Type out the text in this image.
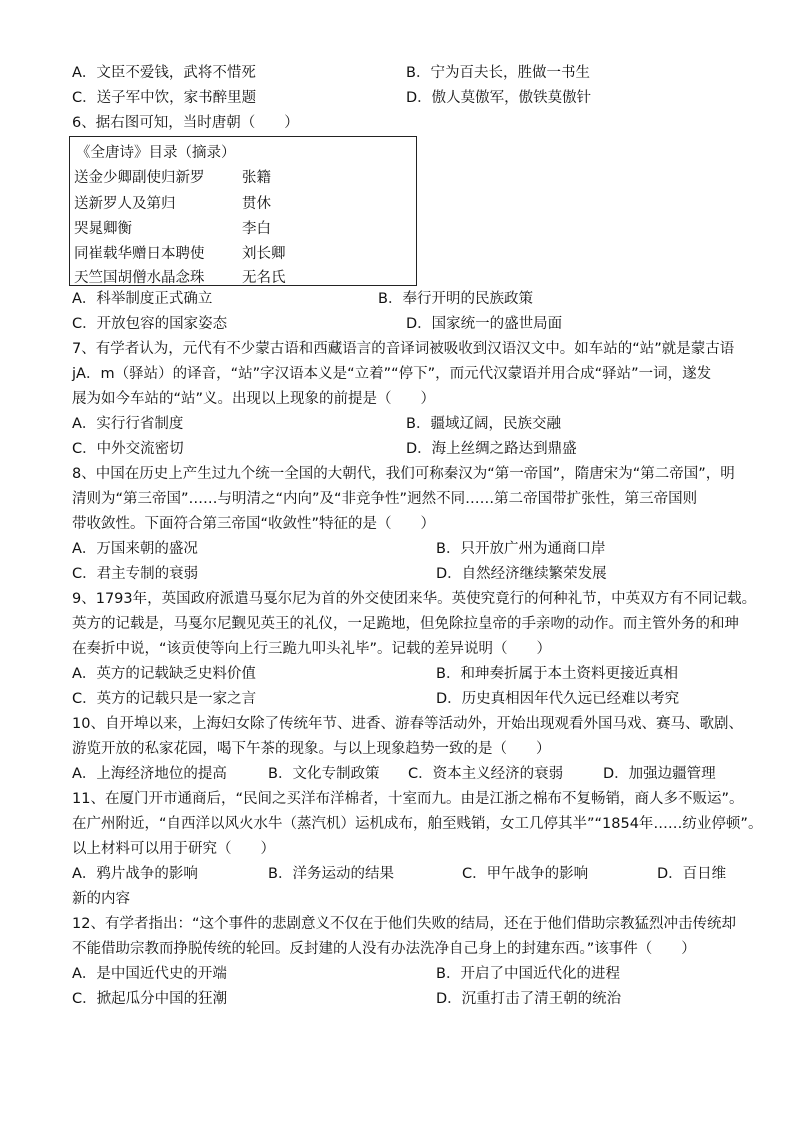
A．文臣不爱钱，武将不惜死	B．宁为百夫长，胜做一书生
C．送子军中饮，家书醉里题	D．傲人莫傲军，傲铁莫傲针
6、据右图可知，当时唐朝（　　）
《全唐诗》目录（摘录）
送金少卿副使归新罗	张籍
送新罗人及第归	贯休
哭晁卿衡	李白
同崔载华赠日本聘使	刘长卿
天竺国胡僧水晶念珠	无名氏
A．科举制度正式确立	B．奉行开明的民族政策
C．开放包容的国家姿态	D．国家统一的盛世局面
7、有学者认为，元代有不少蒙古语和西藏语言的音译词被吸收到汉语汉文中。如车站的“站”就是蒙古语
jA．m（驿站）的译音，“站”字汉语本义是“立着”“停下”，而元代汉蒙语并用合成“驿站”一词，遂发
展为如今车站的“站”义。出现以上现象的前提是（　　）
A．实行行省制度	B．疆域辽阔，民族交融
C．中外交流密切	D．海上丝绸之路达到鼎盛
8、中国在历史上产生过九个统一全国的大朝代，我们可称秦汉为“第一帝国”，隋唐宋为“第二帝国”，明
清则为“第三帝国”……与明清之“内向”及“非竞争性”迥然不同……第二帝国带扩张性，第三帝国则
带收敛性。下面符合第三帝国“收敛性”特征的是（　　）
A．万国来朝的盛况	B．只开放广州为通商口岸
C．君主专制的衰弱	D．自然经济继续繁荣发展
9、1793年，英国政府派遣马戛尔尼为首的外交使团来华。英使究竟行的何种礼节，中英双方有不同记载。
英方的记载是，马戛尔尼觐见英王的礼仪，一足跪地，但免除拉皇帝的手亲吻的动作。而主管外务的和珅
在奏折中说，“该贡使等向上行三跪九叩头礼毕”。记载的差异说明（　　）
A．英方的记载缺乏史料价值	B．和珅奏折属于本土资料更接近真相
C．英方的记载只是一家之言	D．历史真相因年代久远已经难以考究
10、自开埠以来，上海妇女除了传统年节、进香、游春等活动外，开始出现观看外国马戏、赛马、歌剧、
游览开放的私家花园，喝下午茶的现象。与以上现象趋势一致的是（　　）
A．上海经济地位的提高	B．文化专制政策 C．资本主义经济的衰弱	D．加强边疆管理
11、在厦门开市通商后，“民间之买洋布洋棉者，十室而九。由是江浙之棉布不复畅销，商人多不贩运”。
在广州附近，“自西洋以风火水牛（蒸汽机）运机成布，舶至贱销，女工几停其半”“1854年……纺业停顿”。
以上材料可以用于研究（　　）
A．鸦片战争的影响	B．洋务运动的结果	C．甲午战争的影响	D．百日维
新的内容
12、有学者指出：“这个事件的悲剧意义不仅在于他们失败的结局，还在于他们借助宗教猛烈冲击传统却
不能借助宗教而挣脱传统的轮回。反封建的人没有办法洗净自己身上的封建东西。”该事件（　　）
A．是中国近代史的开端	B．开启了中国近代化的进程
C．掀起瓜分中国的狂潮	D．沉重打击了清王朝的统治
